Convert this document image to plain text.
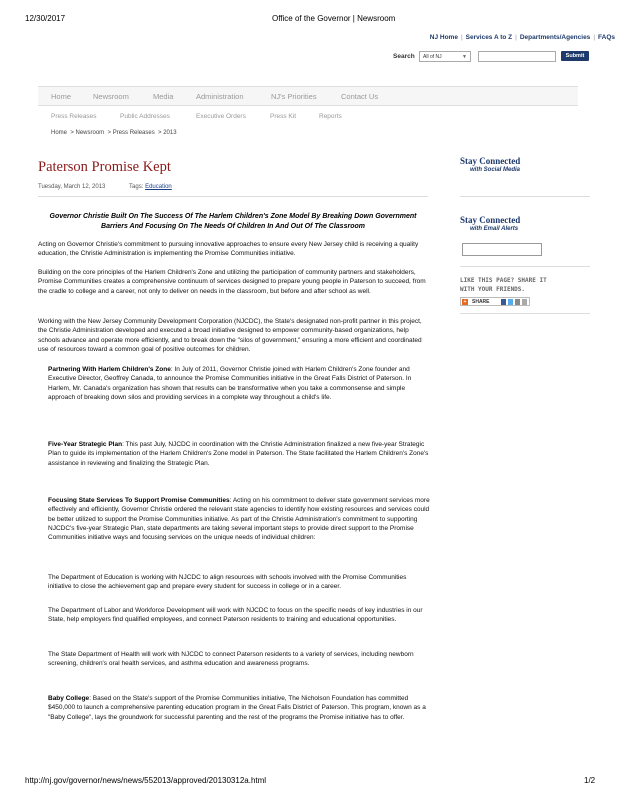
12/30/2017	Office of the Governor | Newsroom
NJ Home | Services A to Z | Departments/Agencies | FAQs
Search	All of NJ	▼	Submit
Home	Newsroom	Media	Administration	NJ's Priorities	Contact Us
Press Releases	Public Addresses	Executive Orders	Press Kit	Reports
Home  > Newsroom  > Press Releases  > 2013
Paterson Promise Kept
Tuesday, March 12, 2013	Tags: Education
Governor Christie Built On The Success Of The Harlem Children's Zone Model By Breaking Down Government
Barriers And Focusing On The Needs Of Children In And Out Of The Classroom
Acting on Governor Christie's commitment to pursuing innovative approaches to ensure every New Jersey child is receiving a quality education, the Christie Administration is implementing the Promise Communities initiative.
Building on the core principles of the Harlem Children's Zone and utilizing the participation of community partners and stakeholders, Promise Communities creates a comprehensive continuum of services designed to prepare young people in Paterson to succeed, from the cradle to college and a career, not only to deliver on needs in the classroom, but before and after school as well.
Working with the New Jersey Community Development Corporation (NJCDC), the State's designated non-profit partner in this project, the Christie Administration developed and executed a broad initiative designed to empower community-based organizations, help schools advance and operate more efficiently, and to break down the "silos of government," ensuring a more efficient and coordinated use of resources toward a common goal of positive outcomes for children.
Partnering With Harlem Children's Zone: In July of 2011, Governor Christie joined with Harlem Children's Zone founder and Executive Director, Geoffrey Canada, to announce the Promise Communities initiative in the Great Falls District of Paterson. In Harlem, Mr. Canada's organization has shown that results can be transformative when you take a commonsense and simple approach of breaking down silos and providing services in a complete way throughout a child's life.
Five-Year Strategic Plan: This past July, NJCDC in coordination with the Christie Administration finalized a new five-year Strategic Plan to guide its implementation of the Harlem Children's Zone model in Paterson. The State facilitated the Harlem Children's Zone's assistance in reviewing and finalizing the Strategic Plan.
Focusing State Services To Support Promise Communities: Acting on his commitment to deliver state government services more effectively and efficiently, Governor Christie ordered the relevant state agencies to identify how existing resources and services could be better utilized to support the Promise Communities initiative. As part of the Christie Administration's commitment to supporting NJCDC's five-year Strategic Plan, state departments are taking several important steps to provide direct support to the Promise Communities initiative ways and focusing services on the unique needs of individual children:
The Department of Education is working with NJCDC to align resources with schools involved with the Promise Communities initiative to close the achievement gap and prepare every student for success in college or in a career.
The Department of Labor and Workforce Development will work with NJCDC to focus on the specific needs of key industries in our State, help employers find qualified employees, and connect Paterson residents to training and educational opportunities.
The State Department of Health will work with NJCDC to connect Paterson residents to a variety of services, including newborn screening, children's oral health services, and asthma education and awareness programs.
Baby College: Based on the State's support of the Promise Communities initiative, The Nicholson Foundation has committed $450,000 to launch a comprehensive parenting education program in the Great Falls District of Paterson. This program, known as a "Baby College", lays the groundwork for successful parenting and the rest of the programs the Promise initiative has to offer.
Stay Connected
with Social Media
Stay Connected
with Email Alerts
LIKE THIS PAGE? SHARE IT
WITH YOUR FRIENDS.
+	SHARE
http://nj.gov/governor/news/news/552013/approved/20130312a.html	1/2
